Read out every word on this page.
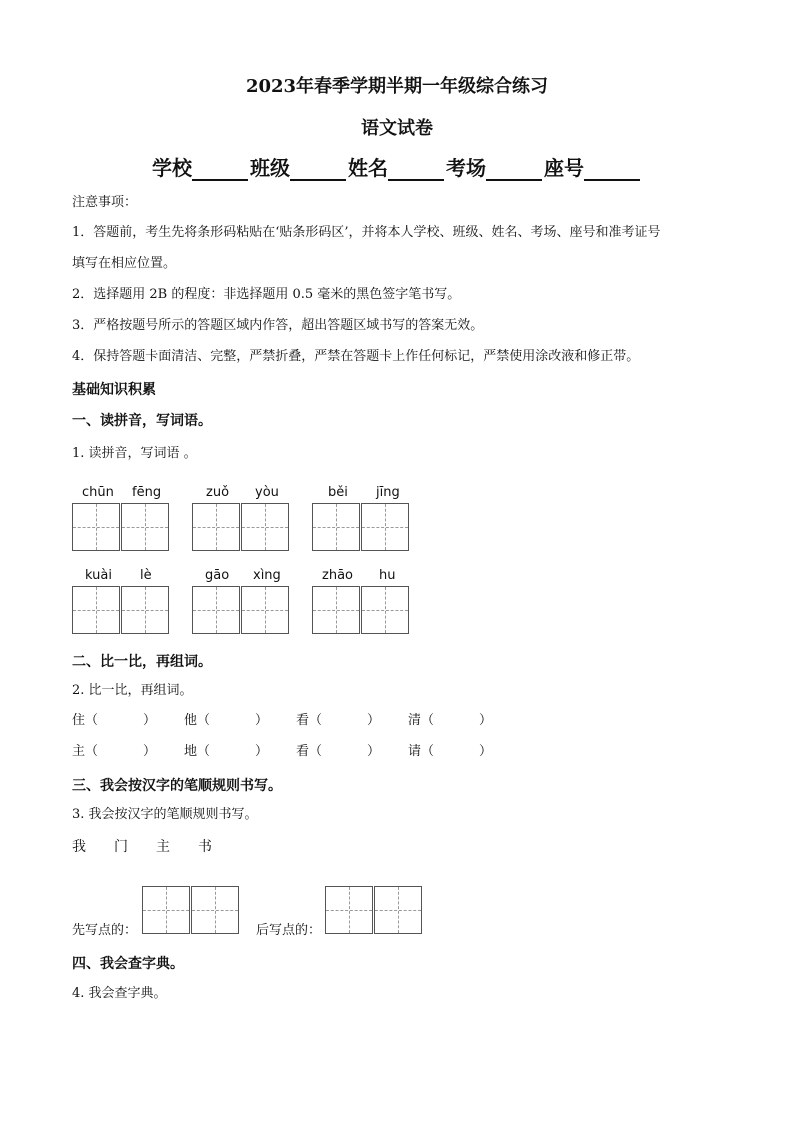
2023年春季学期半期一年级综合练习
语文试卷
学校	班级	姓名	考场	座号
注意事项：
1．答题前，考生先将条形码粘贴在‘贴条形码区’，并将本人学校、班级、姓名、考场、座号和准考证号
填写在相应位置。
2．选择题用 2B 的程度：非选择题用 0.5 毫米的黑色签字笔书写。
3．严格按题号所示的答题区域内作答，超出答题区域书写的答案无效。
4．保持答题卡面清洁、完整，严禁折叠，严禁在答题卡上作任何标记，严禁使用涂改液和修正带。
基础知识积累
一、读拼音，写词语。
1. 读拼音，写词语 。
chūn fēng	zuǒ yòu	běi jīng
kuài lè	gāo xìng	zhāo hu
二、比一比，再组词。
2. 比一比，再组词。
住（	） 他（	） 看（	） 清（	）
主（	） 地（	） 看（	） 请（	）
三、我会按汉字的笔顺规则书写。
3. 我会按汉字的笔顺规则书写。
我 门 主 书
先写点的：	后写点的：
四、我会查字典。
4. 我会查字典。
